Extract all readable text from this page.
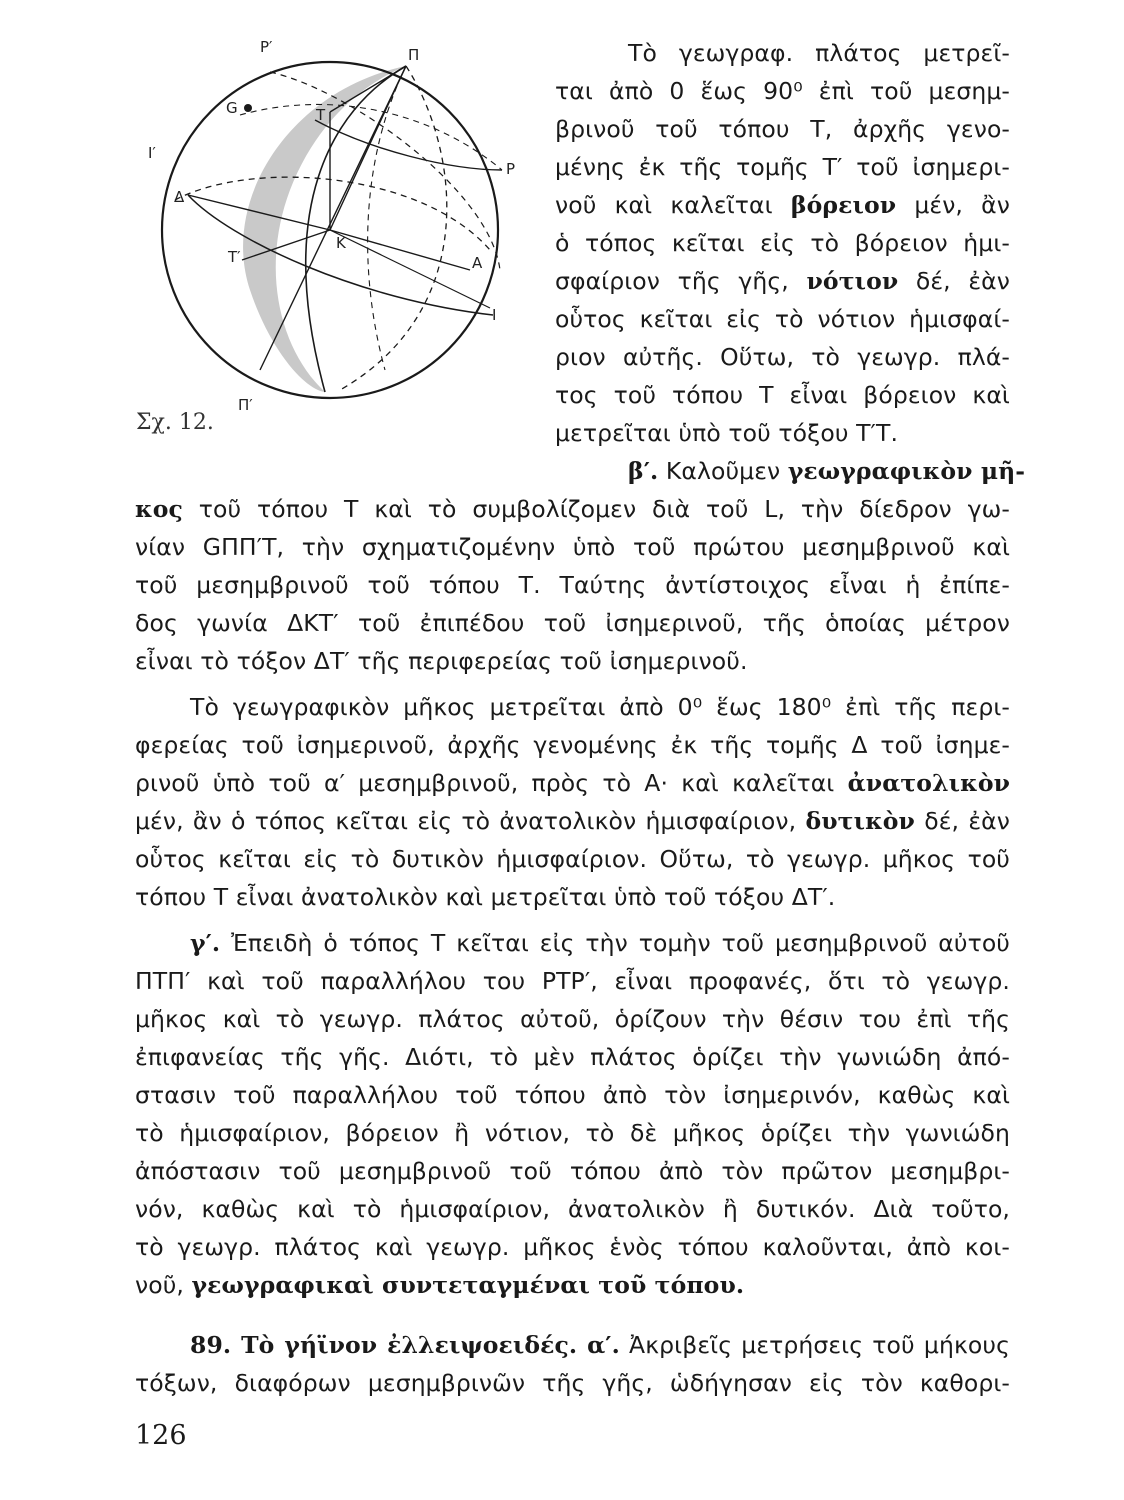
P′	Π
G
I′
T
P
Δ
K
T′	A
I
Π′
Σχ. 12.
Τὸ γεωγραφ. πλάτος μετρεῖ-
ται ἀπὸ 0 ἕως 90⁰ ἐπὶ τοῦ μεσημ-
βρινοῦ τοῦ τόπου Τ, ἀρχῆς γενο-
μένης ἐκ τῆς τομῆς Τ′ τοῦ ἰσημερι-
νοῦ καὶ καλεῖται βόρειον μέν, ἂν
ὁ τόπος κεῖται εἰς τὸ βόρειον ἡμι-
σφαίριον τῆς γῆς, νότιον δέ, ἐὰν
οὗτος κεῖται εἰς τὸ νότιον ἡμισφαί-
ριον αὐτῆς. Οὕτω, τὸ γεωγρ. πλά-
τος τοῦ τόπου Τ εἶναι βόρειον καὶ
μετρεῖται ὑπὸ τοῦ τόξου Τ′Τ.
β′. Καλοῦμεν γεωγραφικὸν μῆ-
κος τοῦ τόπου Τ καὶ τὸ συμβολίζομεν διὰ τοῦ L, τὴν δίεδρον γω-
νίαν GΠΠ′Τ, τὴν σχηματιζομένην ὑπὸ τοῦ πρώτου μεσημβρινοῦ καὶ
τοῦ μεσημβρινοῦ τοῦ τόπου Τ. Ταύτης ἀντίστοιχος εἶναι ἡ ἐπίπε-
δος γωνία ΔΚΤ′ τοῦ ἐπιπέδου τοῦ ἰσημερινοῦ, τῆς ὁποίας μέτρον
εἶναι τὸ τόξον ΔΤ′ τῆς περιφερείας τοῦ ἰσημερινοῦ.
Τὸ γεωγραφικὸν μῆκος μετρεῖται ἀπὸ 0⁰ ἕως 180⁰ ἐπὶ τῆς περι-
φερείας τοῦ ἰσημερινοῦ, ἀρχῆς γενομένης ἐκ τῆς τομῆς Δ τοῦ ἰσημε-
ρινοῦ ὑπὸ τοῦ α′ μεσημβρινοῦ, πρὸς τὸ Α· καὶ καλεῖται ἀνατολικὸν
μέν, ἂν ὁ τόπος κεῖται εἰς τὸ ἀνατολικὸν ἡμισφαίριον, δυτικὸν δέ, ἐὰν
οὗτος κεῖται εἰς τὸ δυτικὸν ἡμισφαίριον. Οὕτω, τὸ γεωγρ. μῆκος τοῦ
τόπου Τ εἶναι ἀνατολικὸν καὶ μετρεῖται ὑπὸ τοῦ τόξου ΔΤ′.
γ′. Ἐπειδὴ ὁ τόπος Τ κεῖται εἰς τὴν τομὴν τοῦ μεσημβρινοῦ αὐτοῦ
ΠΤΠ′ καὶ τοῦ παραλλήλου του ΡΤΡ′, εἶναι προφανές, ὅτι τὸ γεωγρ.
μῆκος καὶ τὸ γεωγρ. πλάτος αὐτοῦ, ὁρίζουν τὴν θέσιν του ἐπὶ τῆς
ἐπιφανείας τῆς γῆς. Διότι, τὸ μὲν πλάτος ὁρίζει τὴν γωνιώδη ἀπό-
στασιν τοῦ παραλλήλου τοῦ τόπου ἀπὸ τὸν ἰσημερινόν, καθὼς καὶ
τὸ ἡμισφαίριον, βόρειον ἢ νότιον, τὸ δὲ μῆκος ὁρίζει τὴν γωνιώδη
ἀπόστασιν τοῦ μεσημβρινοῦ τοῦ τόπου ἀπὸ τὸν πρῶτον μεσημβρι-
νόν, καθὼς καὶ τὸ ἡμισφαίριον, ἀνατολικὸν ἢ δυτικόν. Διὰ τοῦτο,
τὸ γεωγρ. πλάτος καὶ γεωγρ. μῆκος ἑνὸς τόπου καλοῦνται, ἀπὸ κοι-
νοῦ, γεωγραφικαὶ συντεταγμέναι τοῦ τόπου.
89. Τὸ γήϊνον ἐλλειψοειδές. α′. Ἀκριβεῖς μετρήσεις τοῦ μήκους
τόξων, διαφόρων μεσημβρινῶν τῆς γῆς, ὡδήγησαν εἰς τὸν καθορι-
126
